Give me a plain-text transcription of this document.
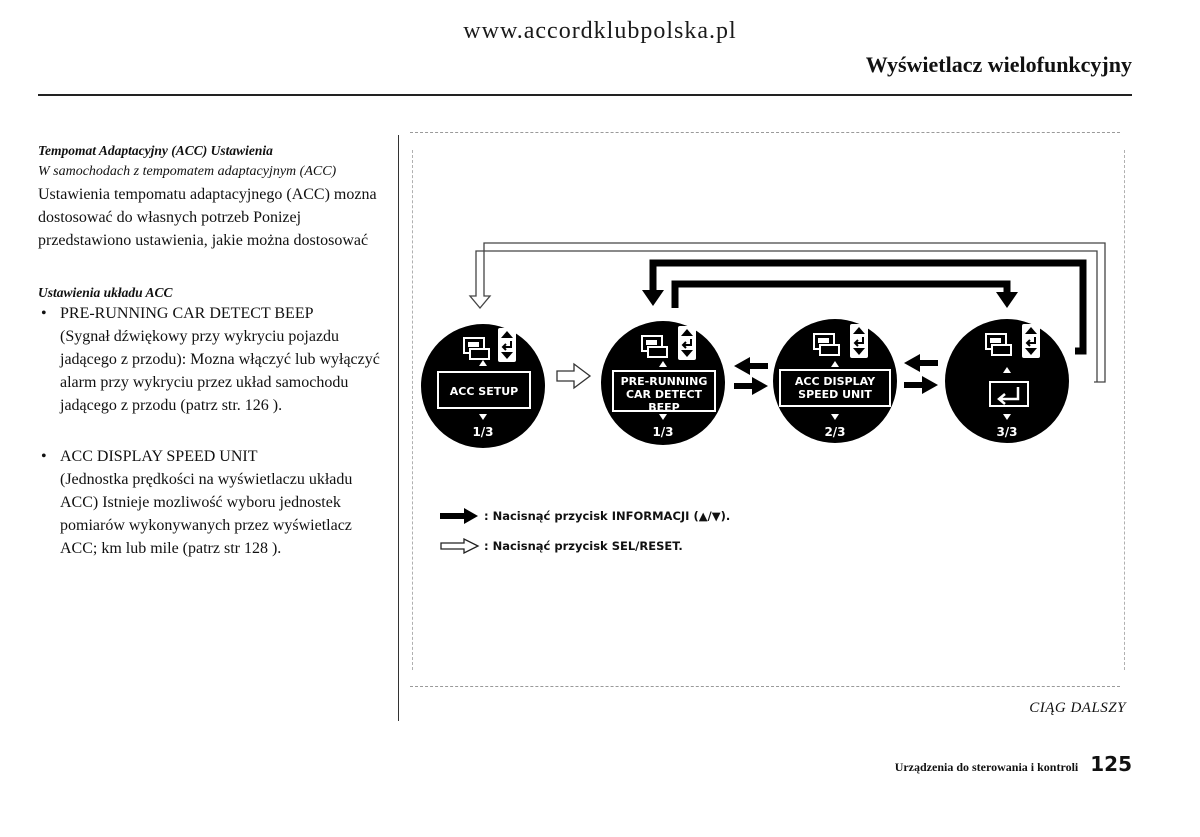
www.accordklubpolska.pl
Wyświetlacz wielofunkcyjny
Tempomat Adaptacyjny (ACC) Ustawienia
W samochodach z tempomatem adaptacyjnym (ACC)

Ustawienia tempomatu adaptacyjnego (ACC) mozna dostosować do własnych potrzeb Ponizej przedstawiono ustawienia, jakie można dostosować

Ustawienia układu ACC
• PRE-RUNNING CAR DETECT BEEP
(Sygnał dźwiękowy przy wykryciu pojazdu jadącego z przodu): Mozna włączyć lub wyłączyć alarm przy wykryciu przez układ samochodu jadącego z przodu (patrz str. 126 ).
• ACC DISPLAY SPEED UNIT
(Jednostka prędkości na wyświetlaczu układu ACC) Istnieje mozliwość wyboru jednostek pomiarów wykonywanych przez wyświetlacz ACC; km lub mile (patrz str 128 ).
ACC SETUP
1/3
PRE-RUNNING
CAR DETECT
BEEP
1/3
ACC DISPLAY
SPEED UNIT
2/3	3/3
: Nacisnąć przycisk INFORMACJI (▲/▼).
: Nacisnąć przycisk SEL/RESET.
CIĄG DALSZY
Urządzenia do sterowania i kontroli 125
